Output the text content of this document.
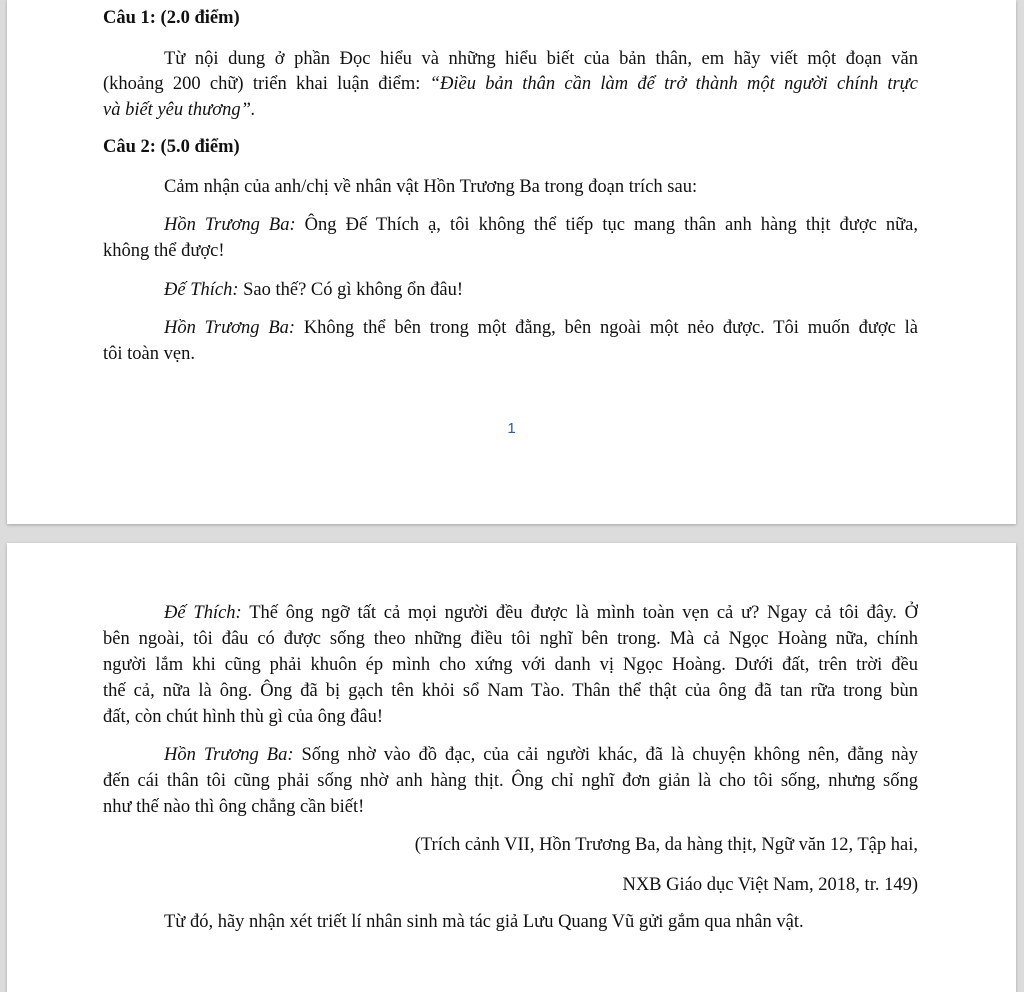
Câu 1: (2.0 điểm)
Từ nội dung ở phần Đọc hiểu và những hiểu biết của bản thân, em hãy viết một đoạn văn
(khoảng 200 chữ) triển khai luận điểm: “Điều bản thân cần làm để trở thành một người chính trực
và biết yêu thương”.
Câu 2: (5.0 điểm)
Cảm nhận của anh/chị về nhân vật Hồn Trương Ba trong đoạn trích sau:
Hồn Trương Ba: Ông Đế Thích ạ, tôi không thể tiếp tục mang thân anh hàng thịt được nữa,
không thể được!
Đế Thích: Sao thế? Có gì không ổn đâu!
Hồn Trương Ba: Không thể bên trong một đằng, bên ngoài một nẻo được. Tôi muốn được là
tôi toàn vẹn.
1
Đế Thích: Thế ông ngỡ tất cả mọi người đều được là mình toàn vẹn cả ư? Ngay cả tôi đây. Ở
bên ngoài, tôi đâu có được sống theo những điều tôi nghĩ bên trong. Mà cả Ngọc Hoàng nữa, chính
người lắm khi cũng phải khuôn ép mình cho xứng với danh vị Ngọc Hoàng. Dưới đất, trên trời đều
thế cả, nữa là ông. Ông đã bị gạch tên khỏi sổ Nam Tào. Thân thể thật của ông đã tan rữa trong bùn
đất, còn chút hình thù gì của ông đâu!
Hồn Trương Ba: Sống nhờ vào đồ đạc, của cải người khác, đã là chuyện không nên, đằng này
đến cái thân tôi cũng phải sống nhờ anh hàng thịt. Ông chỉ nghĩ đơn giản là cho tôi sống, nhưng sống
như thế nào thì ông chẳng cần biết!
(Trích cảnh VII, Hồn Trương Ba, da hàng thịt, Ngữ văn 12, Tập hai,
NXB Giáo dục Việt Nam, 2018, tr. 149)
Từ đó, hãy nhận xét triết lí nhân sinh mà tác giả Lưu Quang Vũ gửi gắm qua nhân vật.
